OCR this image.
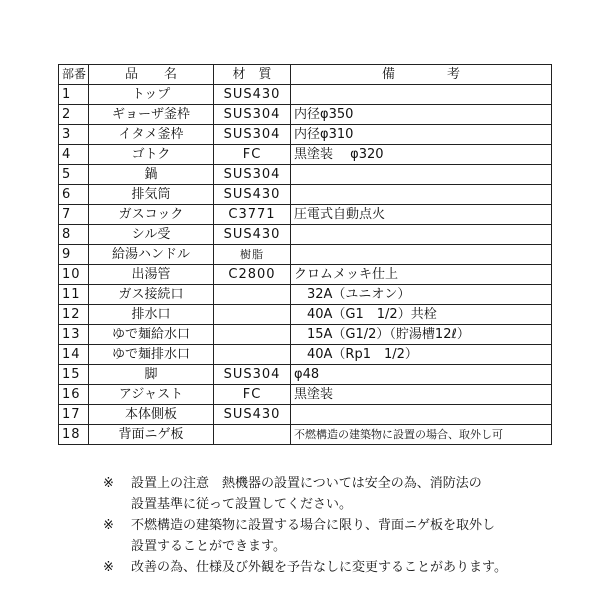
部番	品　　名	材　質	備　　　　考
1	トップ	SUS430	
2	ギョーザ釜枠	SUS304	内径φ350
3	イタメ釜枠	SUS304	内径φ310
4	ゴトク	FC	黒塗装　 φ320
5	鍋	SUS304	
6	排気筒	SUS430	
7	ガスコック	C3771	圧電式自動点火
8	シル受	SUS430	
9	給湯ハンドル	樹脂	
10	出湯管	C2800	クロムメッキ仕上
11	ガス接続口		　32A（ユニオン）
12	排水口		　40A（G1　1/2）共栓
13	ゆで麺給水口		　15A（G1/2）（貯湯槽12ℓ）
14	ゆで麺排水口		　40A（Rp1　1/2）
15	脚	SUS304	φ48
16	アジャスト	FC	黒塗装
17	本体側板	SUS430	
18	背面ニゲ板		不燃構造の建築物に設置の場合、取外し可
※ 設置上の注意　熱機器の設置については安全の為、消防法の
設置基準に従って設置してください。
※ 不燃構造の建築物に設置する場合に限り、背面ニゲ板を取外し
設置することができます。
※ 改善の為、仕様及び外観を予告なしに変更することがあります。
